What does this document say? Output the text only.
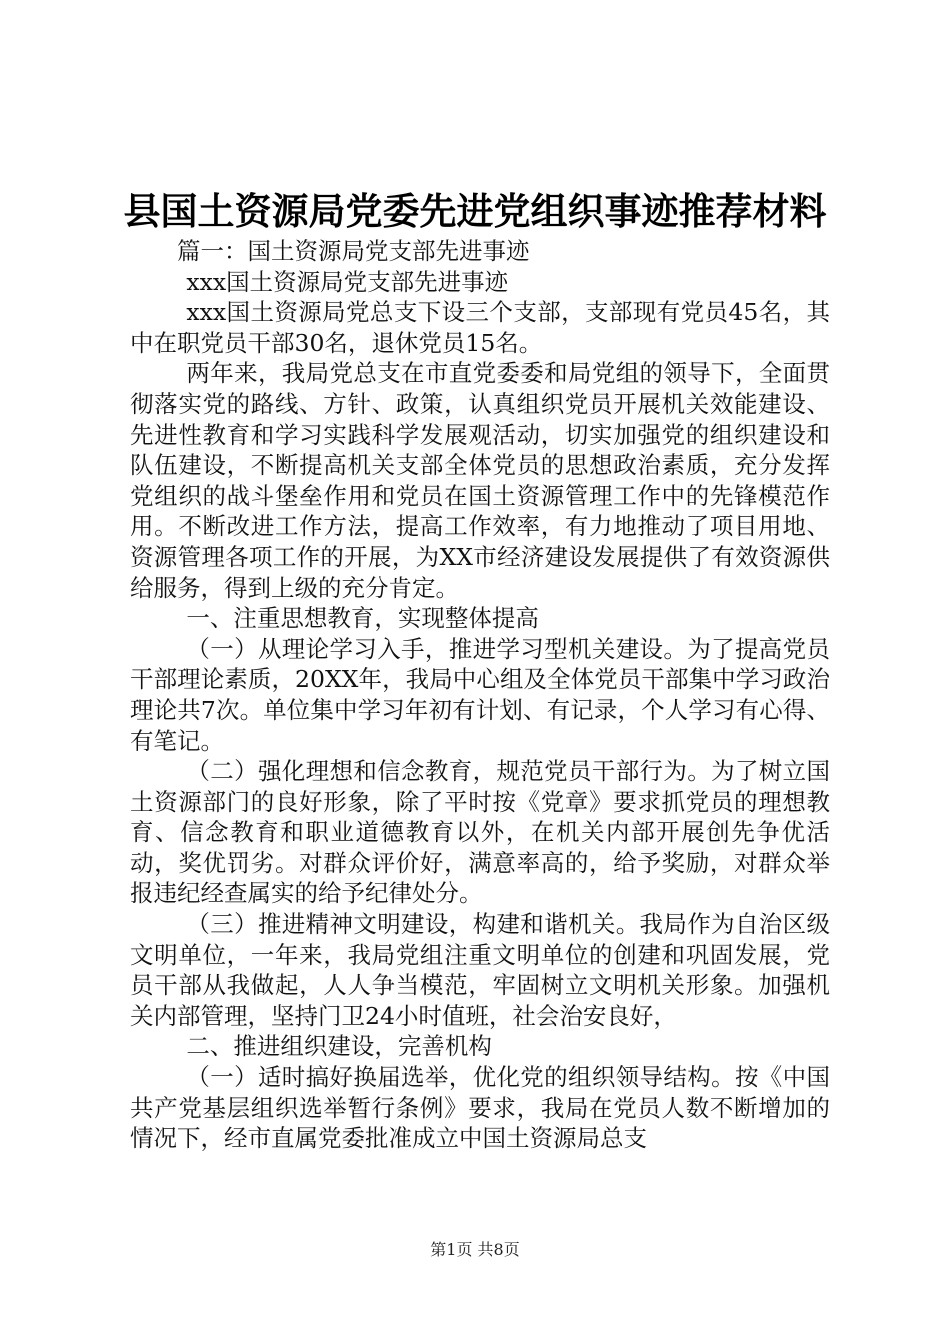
县国土资源局党委先进党组织事迹推荐材料

篇一：国土资源局党支部先进事迹

xxx国土资源局党支部先进事迹

xxx国土资源局党总支下设三个支部，支部现有党员45名，其中在职党员干部30名，退休党员15名。

两年来，我局党总支在市直党委委和局党组的领导下，全面贯彻落实党的路线、方针、政策，认真组织党员开展机关效能建设、先进性教育和学习实践科学发展观活动，切实加强党的组织建设和队伍建设，不断提高机关支部全体党员的思想政治素质，充分发挥党组织的战斗堡垒作用和党员在国土资源管理工作中的先锋模范作用。不断改进工作方法，提高工作效率，有力地推动了项目用地、资源管理各项工作的开展，为XX市经济建设发展提供了有效资源供给服务，得到上级的充分肯定。

一、注重思想教育，实现整体提高

（一）从理论学习入手，推进学习型机关建设。为了提高党员干部理论素质，20XX年，我局中心组及全体党员干部集中学习政治理论共7次。单位集中学习年初有计划、有记录，个人学习有心得、有笔记。

（二）强化理想和信念教育，规范党员干部行为。为了树立国土资源部门的良好形象，除了平时按《党章》要求抓党员的理想教育、信念教育和职业道德教育以外，在机关内部开展创先争优活动，奖优罚劣。对群众评价好，满意率高的，给予奖励，对群众举报违纪经查属实的给予纪律处分。

（三）推进精神文明建设，构建和谐机关。我局作为自治区级文明单位，一年来，我局党组注重文明单位的创建和巩固发展，党员干部从我做起，人人争当模范，牢固树立文明机关形象。加强机关内部管理，坚持门卫24小时值班，社会治安良好，

二、推进组织建设，完善机构

（一）适时搞好换届选举，优化党的组织领导结构。按《中国共产党基层组织选举暂行条例》要求，我局在党员人数不断增加的情况下，经市直属党委批准成立中国土资源局总支

第1页 共8页
